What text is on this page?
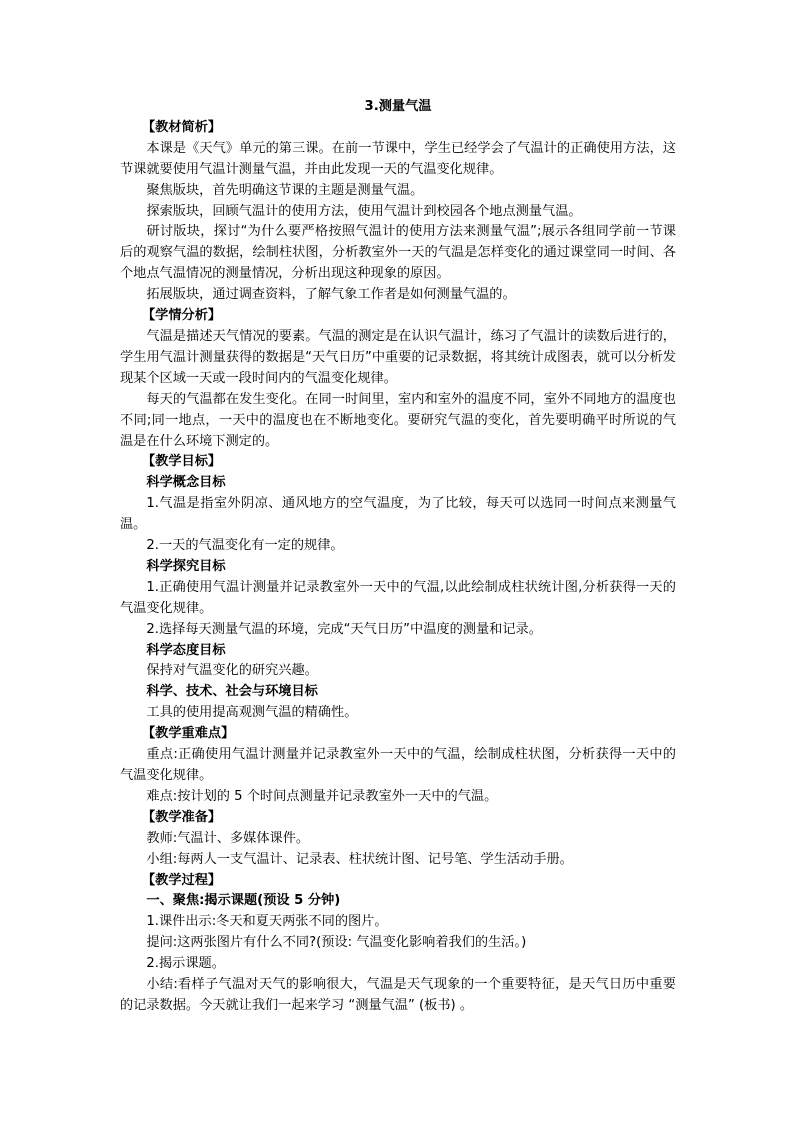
3.测量气温

【教材简析】

本课是《天气》单元的第三课。在前一节课中，学生已经学会了气温计的正确使用方法，这节课就要使用气温计测量气温，并由此发现一天的气温变化规律。

聚焦版块，首先明确这节课的主题是测量气温。

探索版块，回顾气温计的使用方法，使用气温计到校园各个地点测量气温。

研讨版块，探讨“为什么要严格按照气温计的使用方法来测量气温”;展示各组同学前一节课后的观察气温的数据，绘制柱状图，分析教室外一天的气温是怎样变化的通过课堂同一时间、各个地点气温情况的测量情况，分析出现这种现象的原因。

拓展版块，通过调查资料，了解气象工作者是如何测量气温的。

【学情分析】

气温是描述天气情况的要素。气温的测定是在认识气温计，练习了气温计的读数后进行的，学生用气温计测量获得的数据是“天气日历”中重要的记录数据，将其统计成图表，就可以分析发现某个区域一天或一段时间内的气温变化规律。

每天的气温都在发生变化。在同一时间里，室内和室外的温度不同，室外不同地方的温度也不同;同一地点，一天中的温度也在不断地变化。要研究气温的变化，首先要明确平时所说的气温是在什么环境下测定的。

【教学目标】

科学概念目标

1.气温是指室外阴凉、通风地方的空气温度，为了比较，每天可以选同一时间点来测量气温。

2.一天的气温变化有一定的规律。

科学探究目标

1.正确使用气温计测量并记录教室外一天中的气温,以此绘制成柱状统计图,分析获得一天的气温变化规律。

2.选择每天测量气温的环境，完成“天气日历”中温度的测量和记录。

科学态度目标

保持对气温变化的研究兴趣。

科学、技术、社会与环境目标

工具的使用提高观测气温的精确性。

【教学重难点】

重点:正确使用气温计测量并记录教室外一天中的气温，绘制成柱状图，分析获得一天中的气温变化规律。

难点:按计划的 5 个时间点测量并记录教室外一天中的气温。

【教学准备】

教师:气温计、多媒体课件。

小组:每两人一支气温计、记录表、柱状统计图、记号笔、学生活动手册。

【教学过程】

一、聚焦:揭示课题(预设 5 分钟)

1.课件出示:冬天和夏天两张不同的图片。

提问:这两张图片有什么不同?(预设: 气温变化影响着我们的生活。)

2.揭示课题。

小结:看样子气温对天气的影响很大，气温是天气现象的一个重要特征，是天气日历中重要的记录数据。今天就让我们一起来学习 “测量气温” (板书) 。
